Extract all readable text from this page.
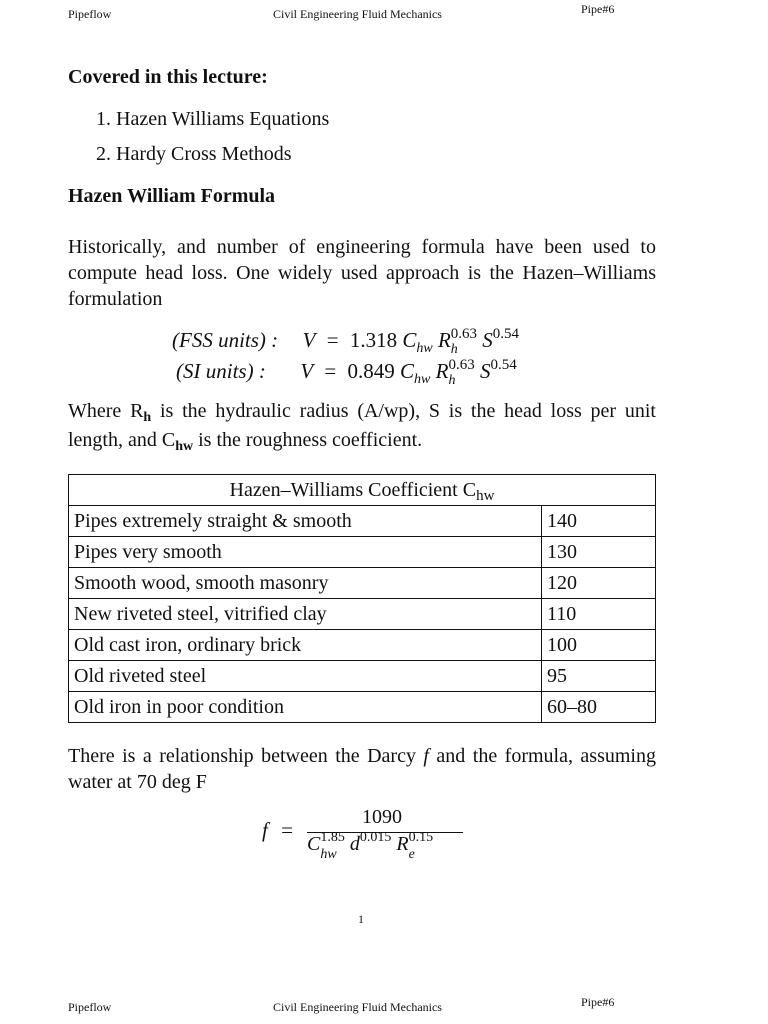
Pipeflow	Civil Engineering Fluid Mechanics	Pipe#6
Covered in this lecture:
1. Hazen Williams Equations
2. Hardy Cross Methods
Hazen William Formula
Historically, and number of engineering formula have been used to compute head loss. One widely used approach is the Hazen–Williams formulation
(FSS units) : V = 1.318 $C_{hw}$ $R^{0.63}$
h $S^{0.54}$
(SI units) : V = 0.849 $C_{hw}$ $R^{0.63}$
h $S^{0.54}$
Where $R_h$ is the hydraulic radius (A/wp), S is the head loss per unit length, and $C_{hw}$ is the roughness coefficient.
Hazen–Williams Coefficient $C_{hw}$
Pipes extremely straight & smooth	140
Pipes very smooth	130
Smooth wood, smooth masonry	120
New riveted steel, vitrified clay	110
Old cast iron, ordinary brick	100
Old riveted steel	95
Old iron in poor condition	60–80
There is a relationship between the Darcy f and the formula, assuming water at 70 deg F
f =
1090
$C^{1.85}$
hw $d^{0.015}$ $R^{0.15}$
e
1
Pipeflow	Civil Engineering Fluid Mechanics	Pipe#6
